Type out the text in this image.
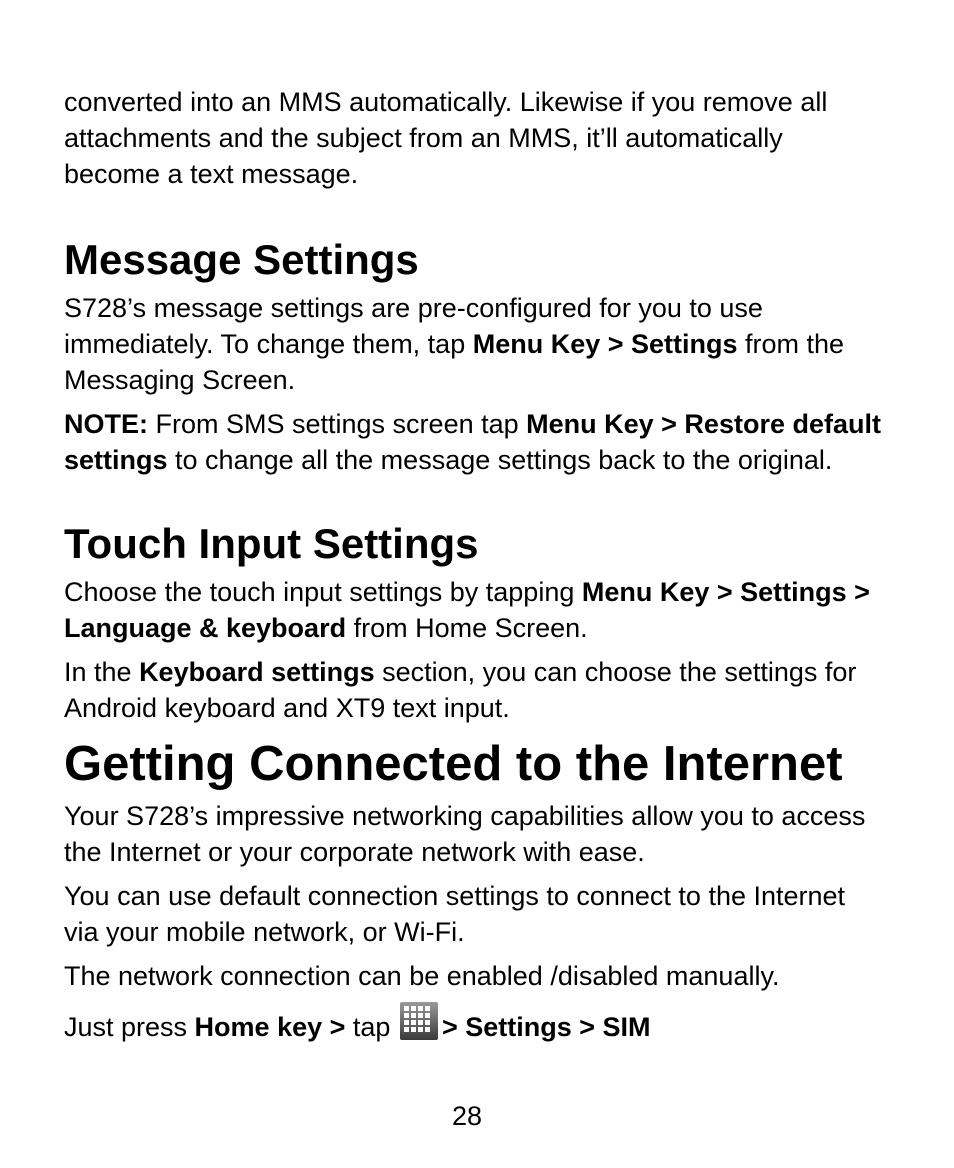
converted into an MMS automatically. Likewise if you remove all attachments and the subject from an MMS, it’ll automatically become a text message.

Message Settings

S728’s message settings are pre-configured for you to use immediately. To change them, tap Menu Key > Settings from the Messaging Screen.

NOTE: From SMS settings screen tap Menu Key > Restore default settings to change all the message settings back to the original.

Touch Input Settings

Choose the touch input settings by tapping Menu Key > Settings > Language & keyboard from Home Screen.

In the Keyboard settings section, you can choose the settings for Android keyboard and XT9 text input.

Getting Connected to the Internet

Your S728’s impressive networking capabilities allow you to access the Internet or your corporate network with ease.

You can use default connection settings to connect to the Internet via your mobile network, or Wi-Fi.

The network connection can be enabled /disabled manually.

Just press Home key > tap > Settings > SIM

28
